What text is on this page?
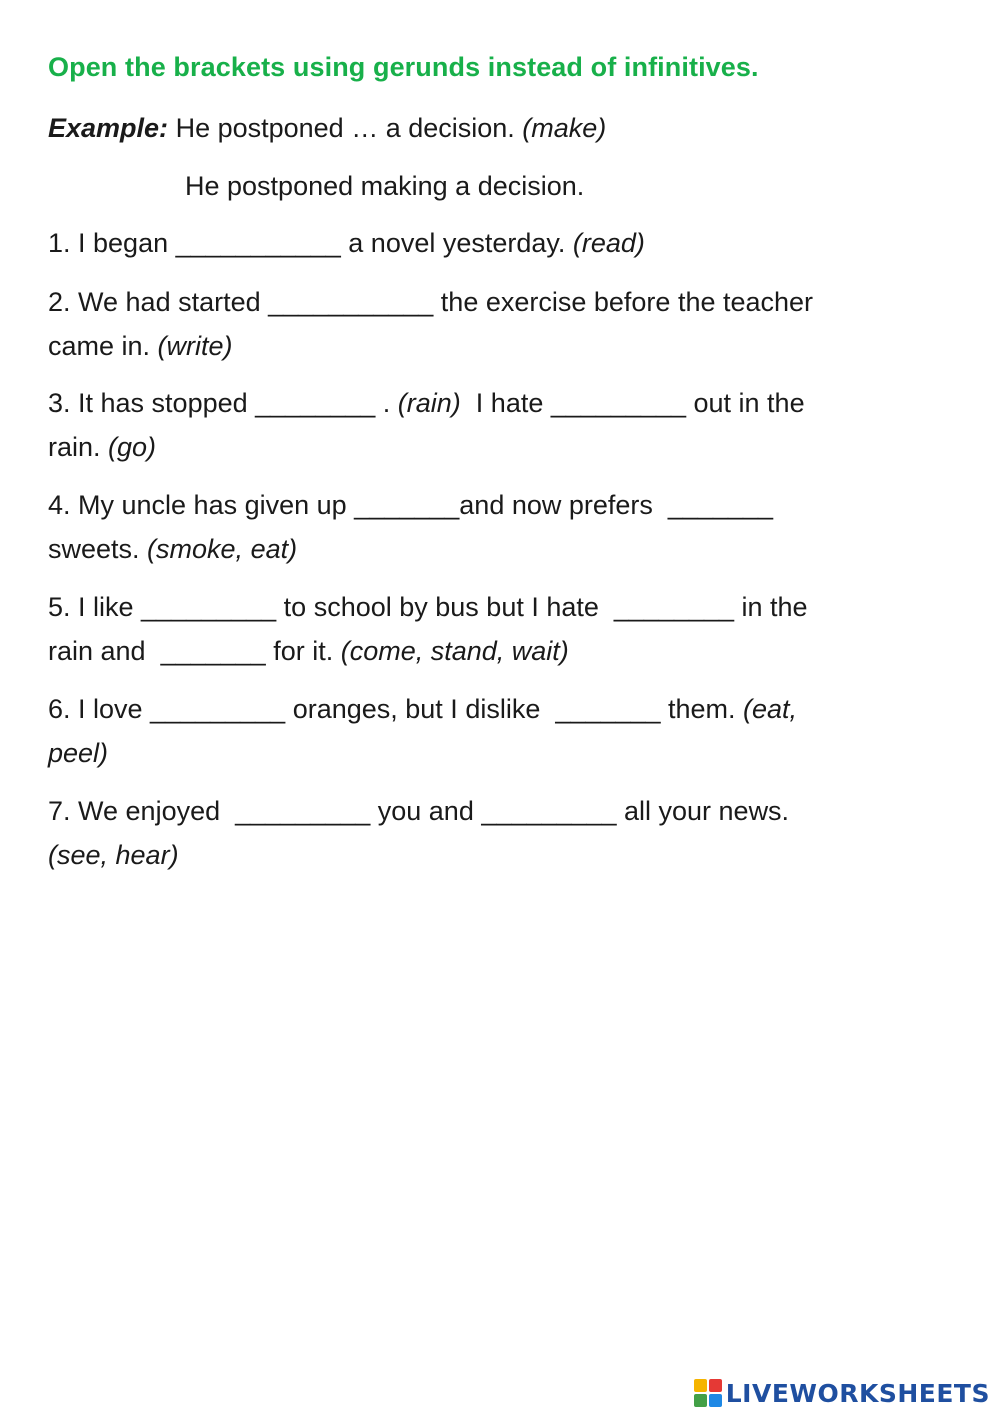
Open the brackets using gerunds instead of infinitives.
Example: He postponed … a decision. (make)
He postponed making a decision.
1. I began ___________ a novel yesterday. (read)
2. We had started ___________ the exercise before the teacher
came in. (write)
3. It has stopped ________ . (rain)  I hate _________ out in the
rain. (go)
4. My uncle has given up _______and now prefers  _______
sweets. (smoke, eat)
5. I like _________ to school by bus but I hate  ________ in the
rain and  _______ for it. (come, stand, wait)
6. I love _________ oranges, but I dislike  _______ them. (eat,
peel)
7. We enjoyed  _________ you and _________ all your news.
(see, hear)
LIVEWORKSHEETS
